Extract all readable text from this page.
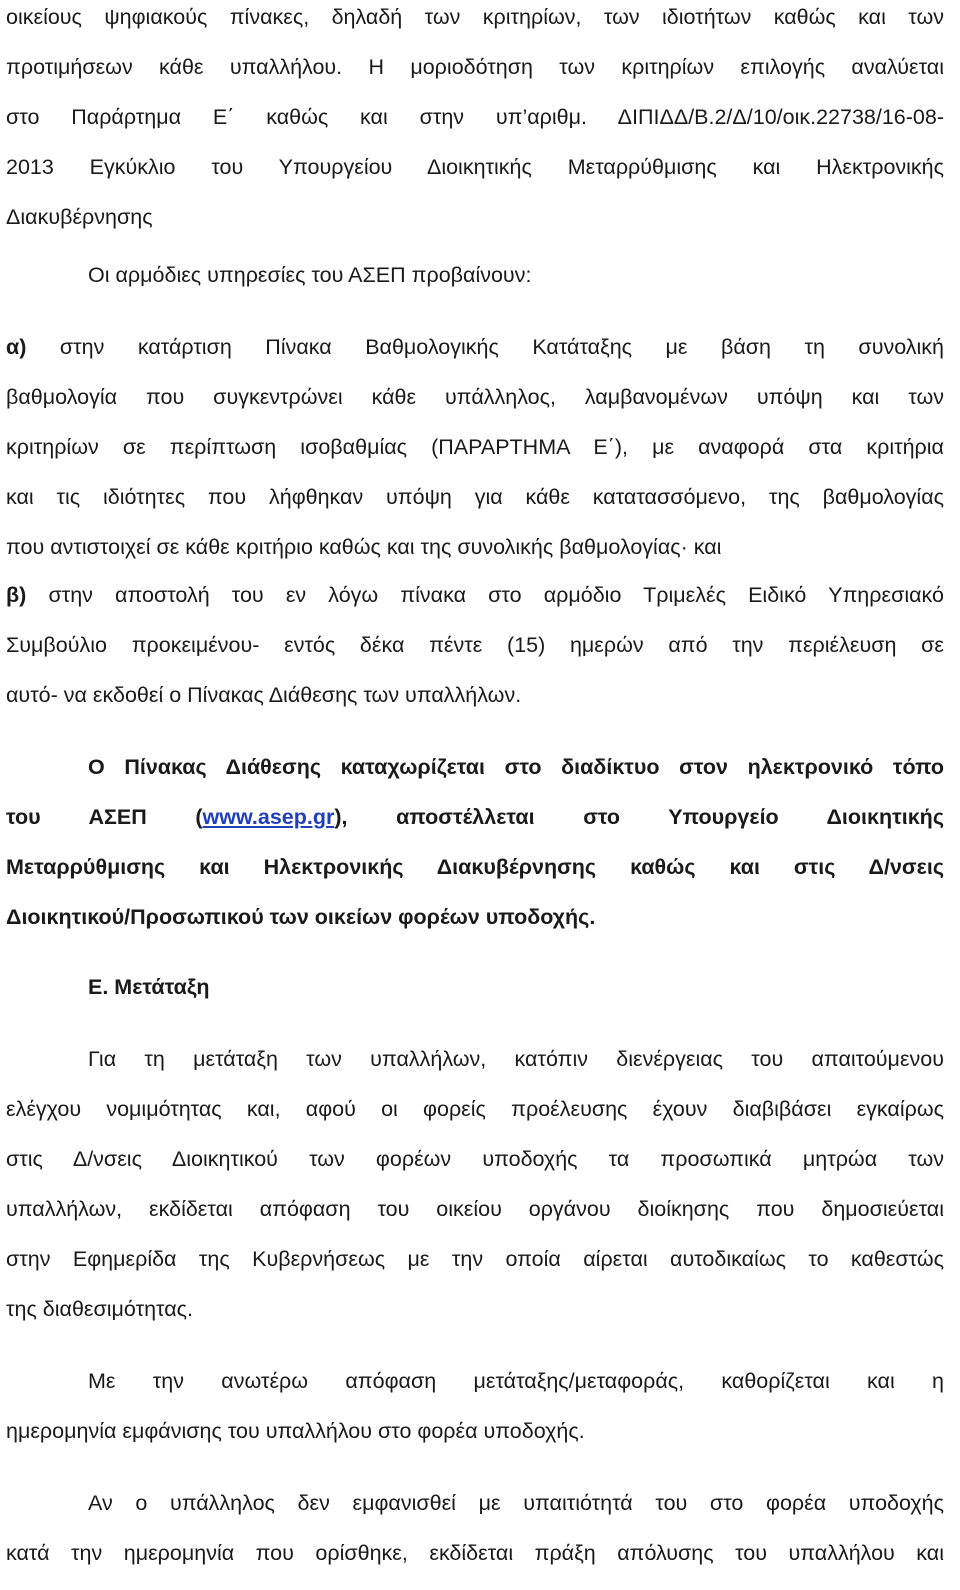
οικείους ψηφιακούς πίνακες, δηλαδή των κριτηρίων, των ιδιοτήτων καθώς και των
προτιμήσεων κάθε υπαλλήλου. Η μοριοδότηση των κριτηρίων επιλογής αναλύεται
στο Παράρτημα Ε΄ καθώς και στην υπ’αριθμ. ΔΙΠΙΔΔ/Β.2/Δ/10/οικ.22738/16-08-
2013 Εγκύκλιο του Υπουργείου Διοικητικής Μεταρρύθμισης και Ηλεκτρονικής
Διακυβέρνησης
Οι αρμόδιες υπηρεσίες του ΑΣΕΠ προβαίνουν:
α) στην κατάρτιση Πίνακα Βαθμολογικής Κατάταξης με βάση τη συνολική
βαθμολογία που συγκεντρώνει κάθε υπάλληλος, λαμβανομένων υπόψη και των
κριτηρίων σε περίπτωση ισοβαθμίας (ΠΑΡΑΡΤΗΜΑ Ε΄), με αναφορά στα κριτήρια
και τις ιδιότητες που λήφθηκαν υπόψη για κάθε κατατασσόμενο, της βαθμολογίας
που αντιστοιχεί σε κάθε κριτήριο καθώς και της συνολικής βαθμολογίας· και
β) στην αποστολή του εν λόγω πίνακα στο αρμόδιο Τριμελές Ειδικό Υπηρεσιακό
Συμβούλιο προκειμένου- εντός δέκα πέντε (15) ημερών από την περιέλευση σε
αυτό- να εκδοθεί ο Πίνακας Διάθεσης των υπαλλήλων.
Ο Πίνακας Διάθεσης καταχωρίζεται στο διαδίκτυο στον ηλεκτρονικό τόπο
του ΑΣΕΠ (www.asep.gr), αποστέλλεται στο Υπουργείο Διοικητικής
Μεταρρύθμισης και Ηλεκτρονικής Διακυβέρνησης καθώς και στις Δ/νσεις
Διοικητικού/Προσωπικού των οικείων φορέων υποδοχής.
Ε. Μετάταξη
Για τη μετάταξη των υπαλλήλων, κατόπιν διενέργειας του απαιτούμενου
ελέγχου νομιμότητας και, αφού οι φορείς προέλευσης έχουν διαβιβάσει εγκαίρως
στις Δ/νσεις Διοικητικού των φορέων υποδοχής τα προσωπικά μητρώα των
υπαλλήλων, εκδίδεται απόφαση του οικείου οργάνου διοίκησης που δημοσιεύεται
στην Εφημερίδα της Κυβερνήσεως με την οποία αίρεται αυτοδικαίως το καθεστώς
της διαθεσιμότητας.
Με την ανωτέρω απόφαση μετάταξης/μεταφοράς, καθορίζεται και η
ημερομηνία εμφάνισης του υπαλλήλου στο φορέα υποδοχής.
Αν ο υπάλληλος δεν εμφανισθεί με υπαιτιότητά του στο φορέα υποδοχής
κατά την ημερομηνία που ορίσθηκε, εκδίδεται πράξη απόλυσης του υπαλλήλου και
